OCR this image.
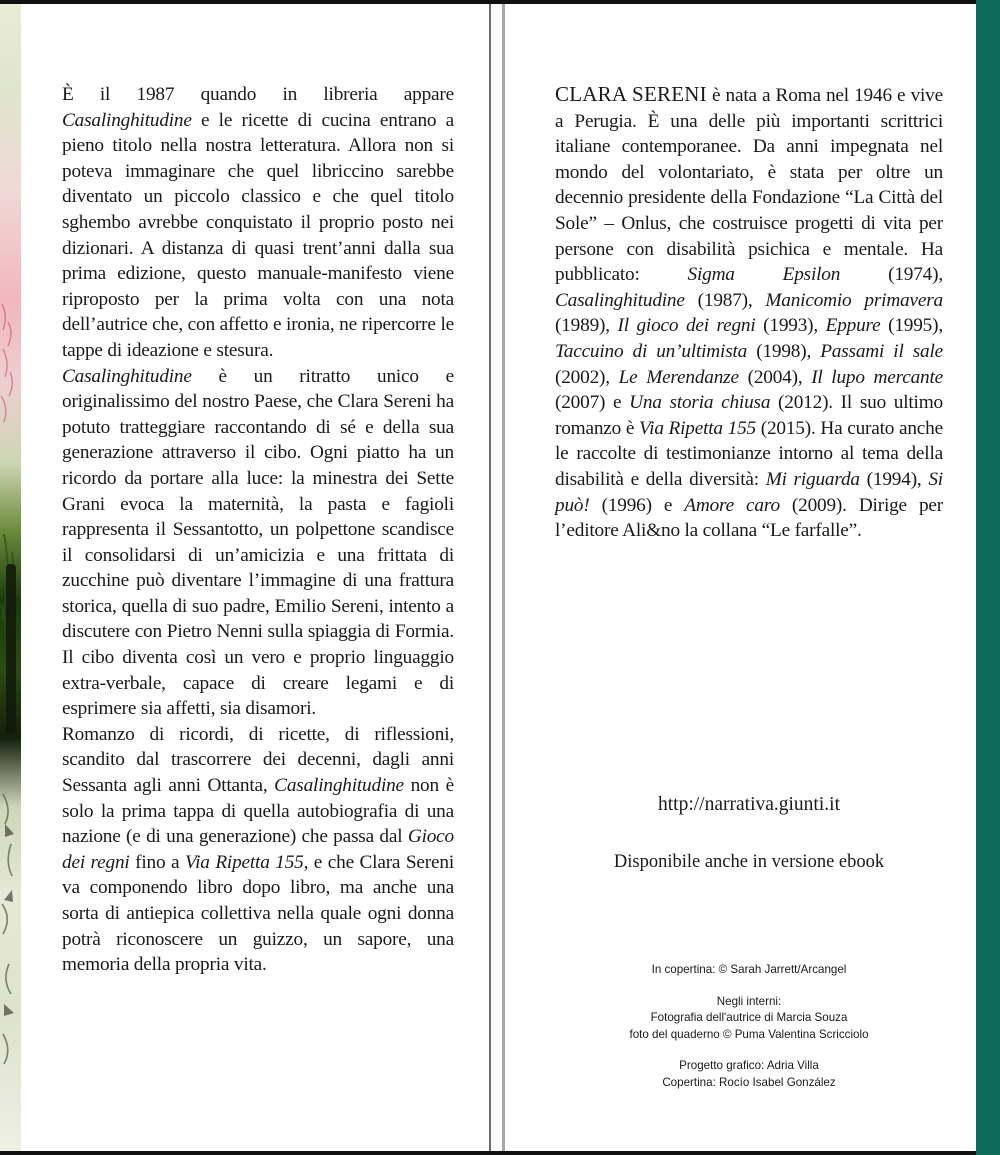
È il 1987 quando in libreria appare Casalinghitudine e le ricette di cucina entrano a pieno titolo nella nostra letteratura. Allora non si poteva immaginare che quel libriccino sarebbe diventato un piccolo classico e che quel titolo sghembo avrebbe conquistato il proprio posto nei dizionari. A distanza di quasi trent’anni dalla sua prima edizione, questo manuale-manifesto viene riproposto per la prima volta con una nota dell’autrice che, con affetto e ironia, ne ripercorre le tappe di ideazione e stesura.

Casalinghitudine è un ritratto unico e originalissimo del nostro Paese, che Clara Sereni ha potuto tratteggiare raccontando di sé e della sua generazione attraverso il cibo. Ogni piatto ha un ricordo da portare alla luce: la minestra dei Sette Grani evoca la maternità, la pasta e fagioli rappresenta il Sessantotto, un polpettone scandisce il consolidarsi di un’amicizia e una frittata di zucchine può diventare l’immagine di una frattura storica, quella di suo padre, Emilio Sereni, intento a discutere con Pietro Nenni sulla spiaggia di Formia. Il cibo diventa così un vero e proprio linguaggio extra-verbale, capace di creare legami e di esprimere sia affetti, sia disamori.

Romanzo di ricordi, di ricette, di riflessioni, scandito dal trascorrere dei decenni, dagli anni Sessanta agli anni Ottanta, Casalinghitudine non è solo la prima tappa di quella autobiografia di una nazione (e di una generazione) che passa dal Gioco dei regni fino a Via Ripetta 155, e che Clara Sereni va componendo libro dopo libro, ma anche una sorta di antiepica collettiva nella quale ogni donna potrà riconoscere un guizzo, un sapore, una memoria della propria vita.

CLARA SERENI è nata a Roma nel 1946 e vive a Perugia. È una delle più importanti scrittrici italiane contemporanee. Da anni impegnata nel mondo del volontariato, è stata per oltre un decennio presidente della Fondazione “La Città del Sole” – Onlus, che costruisce progetti di vita per persone con disabilità psichica e mentale. Ha pubblicato: Sigma Epsilon (1974), Casalinghitudine (1987), Manicomio primavera (1989), Il gioco dei regni (1993), Eppure (1995), Taccuino di un’ultimista (1998), Passami il sale (2002), Le Merendanze (2004), Il lupo mercante (2007) e Una storia chiusa (2012). Il suo ultimo romanzo è Via Ripetta 155 (2015). Ha curato anche le raccolte di testimonianze intorno al tema della disabilità e della diversità: Mi riguarda (1994), Si può! (1996) e Amore caro (2009). Dirige per l’editore Ali&no la collana “Le farfalle”.

http://narrativa.giunti.it
Disponibile anche in versione ebook
In copertina: © Sarah Jarrett/Arcangel
Negli interni:
Fotografia dell'autrice di Marcia Souza
foto del quaderno © Puma Valentina Scricciolo
Progetto grafico: Adria Villa
Copertina: Rocío Isabel González
